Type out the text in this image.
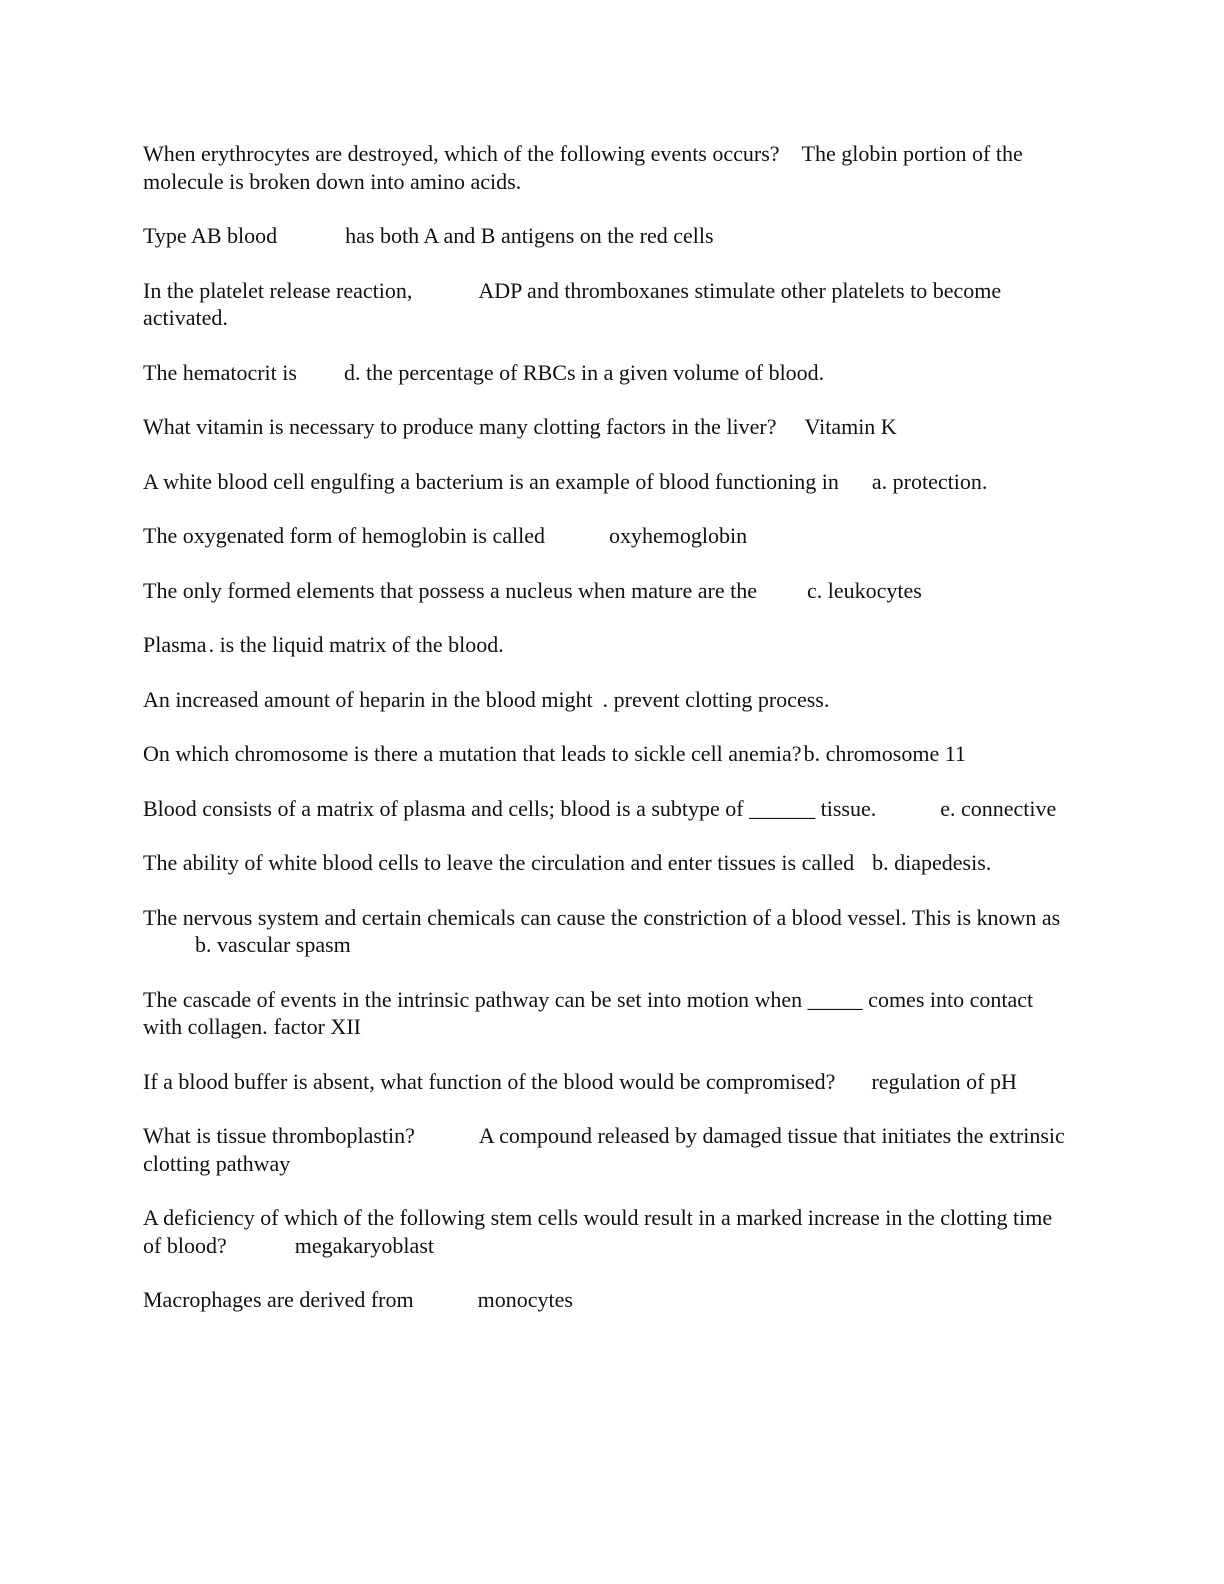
When erythrocytes are destroyed, which of the following events occurs? The globin portion of the molecule is broken down into amino acids.

Type AB blood	has both A and B antigens on the red cells

In the platelet release reaction,	ADP and thromboxanes stimulate other platelets to become activated.

The hematocrit is d. the percentage of RBCs in a given volume of blood.

What vitamin is necessary to produce many clotting factors in the liver? Vitamin K

A white blood cell engulfing a bacterium is an example of blood functioning in a. protection.

The oxygenated form of hemoglobin is called	oxyhemoglobin

The only formed elements that possess a nucleus when mature are the c. leukocytes

Plasma. is the liquid matrix of the blood.

An increased amount of heparin in the blood might . prevent clotting process.

On which chromosome is there a mutation that leads to sickle cell anemia?b. chromosome 11

Blood consists of a matrix of plasma and cells; blood is a subtype of ______ tissue.	e. connective

The ability of white blood cells to leave the circulation and enter tissues is called b. diapedesis.

The nervous system and certain chemicals can cause the constriction of a blood vessel. This is known asb. vascular spasm

The cascade of events in the intrinsic pathway can be set into motion when _____ comes into contact with collagen. factor XII

If a blood buffer is absent, what function of the blood would be compromised? regulation of pH

What is tissue thromboplastin?	A compound released by damaged tissue that initiates the extrinsic clotting pathway

A deficiency of which of the following stem cells would result in a marked increase in the clotting time of blood?	megakaryoblast

Macrophages are derived from	monocytes
